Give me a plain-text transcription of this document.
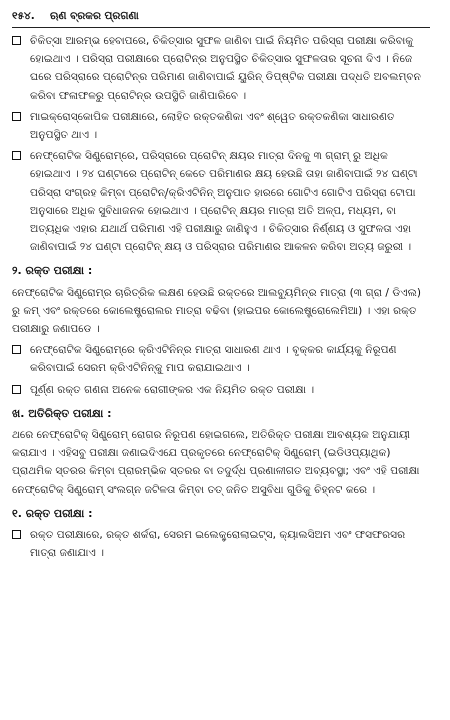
୧୫୪.	ଋଣ ବ୍ରକର ପ୍ରଗଣା
ଚିକିତ୍ସା ଆରମ୍ଭ ହେବାପରେ, ଚିକିତ୍ସାର ସୁଫଳ ଜାଣିବା ପାଇଁ ନିୟମିତ ପରିସ୍ରା ପରୀକ୍ଷା କରିବାକୁ ହୋଇଥାଏ । ପରିସ୍ରା ପରୀକ୍ଷାରେ ପ୍ରୋଟିନ୍‌ର ଅନୁପସ୍ଥିତ ଚିକିତ୍ସାର ସୁଫଳତାର ସୂଚନା ଦିଏ । ନିଜେ ଘରେ ପରିସ୍ରାରେ ପ୍ରୋଟିନ୍‌ର ପରିମାଣ ଜାଣିବାପାଇଁ ୟୁରିନ୍ ଡିପ୍‌ଷ୍ଟିକ ପରୀକ୍ଷା ପଦ୍ଧତି ଅବଲମ୍ବନ କରିବା ଫଳାଫଳରୁ ପ୍ରୋଟିନ୍‌ର ଉପସ୍ଥିତି ଜାଣିପାରିବେ ।
ମାଇକ୍ରୋସ୍କୋପିକ ପରୀକ୍ଷାରେ, ଲୋହିତ ରକ୍ତକଣିକା ଏବଂ ଶ୍ୱେତ ରକ୍ତକଣିକା ସାଧାରଣତ ଅନୁପସ୍ଥିତ ଥାଏ ।
ନେଫ୍ରୋଟିକ ସିଣ୍ଡ୍ରୋମ୍‌ରେ, ପରିସ୍ରାରେ ପ୍ରୋଟିନ୍ କ୍ଷୟର ମାତ୍ରା ଦିନକୁ ୩ ଗ୍ରାମ୍ ରୁ ଅଧିକ ହୋଇଥାଏ । ୨୪ ଘଣ୍ଟାରେ ପ୍ରୋଟିନ୍ କେତେ ପରିମାଣର କ୍ଷୟ ହେଉଛି ତାହା ଜାଣିବାପାଇଁ ୨୪ ଘଣ୍ଟା ପରିସ୍ରା ସଂଗ୍ରହ କିମ୍ବା ପ୍ରୋଟିନ୍/କ୍ରିଏଟିନିନ୍ ଅନୁପାତ ହାରରେ ଗୋଟିଏ ଗୋଟିଏ ପରିସ୍ରା ଟୋପା ଅନୁସାରେ ଅଧିକ ସୁବିଧାଜନକ ହୋଇଥାଏ । ପ୍ରୋଟିନ୍ କ୍ଷୟର ମାତ୍ରା ଅତି ଅଳ୍ପ, ମଧ୍ୟମ, ବା ଅତ୍ୟଧିକ ଏହାର ଯଥାର୍ଥ ପରିମାଣ ଏହି ପରୀକ୍ଷାରୁ ଜାଣିହୁଏ । ଚିକିତ୍ସାର ନିର୍ଣ୍ଣୟ ଓ ସୁଫଳତା ଏହା ଜାଣିବାପାଇଁ ୨୪ ଘଣ୍ଟା ପ୍ରୋଟିନ୍ କ୍ଷୟ ଓ ପରିସ୍ରାର ପରିମାଣର ଆକଳନ କରିବା ଅତ୍ୟ ଜରୁରୀ ।
୨. ରକ୍ତ ପରୀକ୍ଷା :
ନେଫ୍ରୋଟିକ ସିଣ୍ଡ୍ରୋମ୍‌ର ଚାରିତ୍ରିକ ଲକ୍ଷଣ ହେଉଛି ରକ୍ତରେ ଆଲବ୍ୟୁମିନ୍‌ର ମାତ୍ରା (୩ ଗ୍ରା / ଡିଏଲ) ରୁ କମ୍ ଏବଂ ରକ୍ତରେ କୋଲେଷ୍ଟ୍ରୋଲର ମାତ୍ରା ବଢିବା (ହାଇପର କୋଲେଷ୍ଟ୍ରୋଲେମିଆ) । ଏହା ରକ୍ତ ପରୀକ୍ଷାରୁ ଜଣାପଡେ ।
ନେଫ୍ରୋଟିକ ସିଣ୍ଡ୍ରୋମ୍‌ରେ କ୍ରିଏଟିନିନ୍‌ର ମାତ୍ରା ସାଧାରଣ ଥାଏ । ବୃକ୍କର କାର୍ଯ୍ୟକୁ ନିରୂପଣ କରିବାପାଇଁ ସେରମ କ୍ରିଏଟିନିନ୍‌କୁ ମାପ କରାଯାଇଥାଏ ।
ପୂର୍ଣ୍ଣ ରକ୍ତ ଗଣନା ଅନେକ ରୋଗୀଙ୍କର ଏକ ନିୟମିତ ରକ୍ତ ପରୀକ୍ଷା ।
ଖ. ଅତିରିକ୍ତ ପରୀକ୍ଷା :
ଥରେ ନେଫ୍ରୋଟିକ୍ ସିଣ୍ଡ୍ରୋମ୍ ରୋଗର ନିରୂପଣ ହୋଇଗଲେ, ଅତିରିକ୍ତ ପରୀକ୍ଷା ଆବଶ୍ୟକ ଅନୁଯାୟୀ କରାଯାଏ । ଏହିସବୁ ପରୀକ୍ଷା ଜଣାଇଦିଏଯେ ପ୍ରକୃତରେ ନେଫ୍ରୋଟିକ୍ ସିଣ୍ଡ୍ରୋମ୍ (ଇଡିଓପ୍ୟାଥିକ) ପ୍ରାଥମିକ ସ୍ତରର କିମ୍ବା ପ୍ରାରମ୍ଭିକ ସ୍ତରର ବା ତଦୁର୍ଦ୍ଧ ପ୍ରଣାଳୀଗତ ଅବ୍ୟବସ୍ଥା; ଏବଂ ଏହି ପରୀକ୍ଷା ନେଫ୍ରୋଟିକ୍ ସିଣ୍ଡ୍ରୋମ୍ ସଂଲଗ୍ନ ଜଟିଳତା କିମ୍ବା ତତ୍ ଜନିତ ଅସୁବିଧା ଗୁଡିକୁ ଚିହ୍ନଟ କରେ ।
୧. ରକ୍ତ ପରୀକ୍ଷା :
ରକ୍ତ ପରୀକ୍ଷାରେ, ରକ୍ତ ଶର୍କରା, ସେରମ ଇଲେକ୍ଟ୍ରୋଲାଇଟ୍ସ, କ୍ୟାଲସିଅମ ଏବଂ ଫସଫରସର ମାତ୍ରା ଜଣାଯାଏ ।
